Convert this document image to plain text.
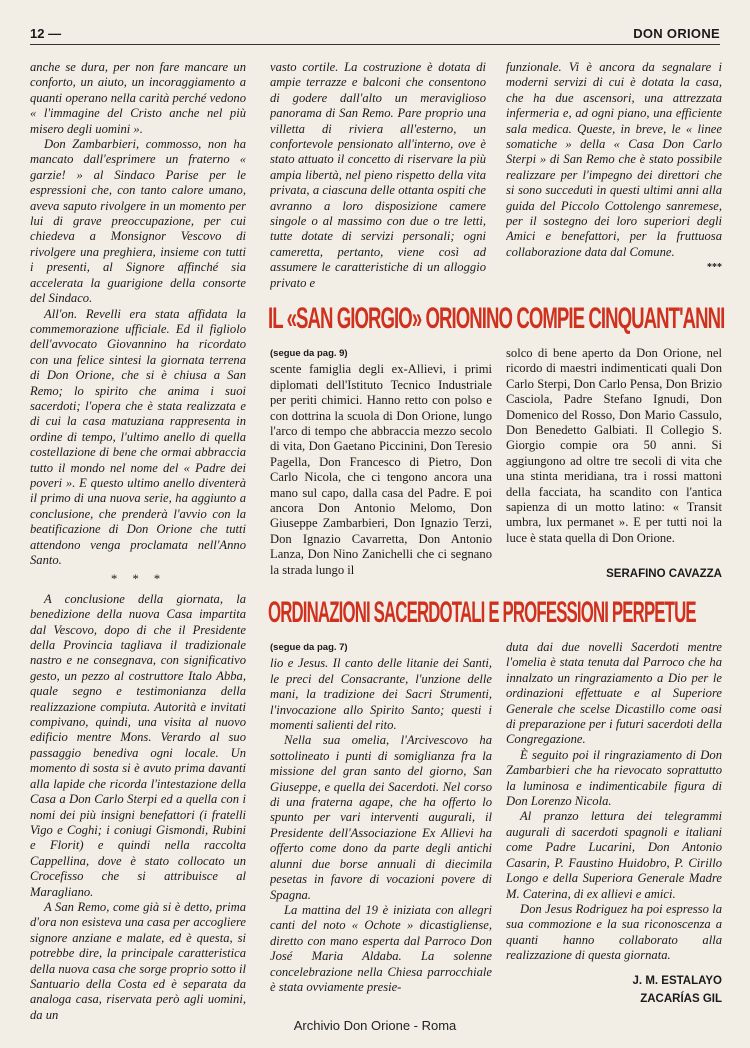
12 —	DON ORIONE

anche se dura, per non fare mancare un conforto, un aiuto, un incoraggiamento a quanti operano nella carità perché vedono « l'immagine del Cristo anche nel più misero degli uomini ».

Don Zambarbieri, commosso, non ha mancato dall'esprimere un fraterno « garzie! » al Sindaco Parise per le espressioni che, con tanto calore umano, aveva saputo rivolgere in un momento per lui di grave preoccupazione, per cui chiedeva a Monsignor Vescovo di rivolgere una preghiera, insieme con tutti i presenti, al Signore affinché sia accelerata la guarigione della consorte del Sindaco.

All'on. Revelli era stata affidata la commemorazione ufficiale. Ed il figliolo dell'avvocato Giovannino ha ricordato con una felice sintesi la giornata terrena di Don Orione, che si è chiusa a San Remo; lo spirito che anima i suoi sacerdoti; l'opera che è stata realizzata e di cui la casa matuziana rappresenta in ordine di tempo, l'ultimo anello di quella costellazione di bene che ormai abbraccia tutto il mondo nel nome del « Padre dei poveri ». E questo ultimo anello diventerà il primo di una nuova serie, ha aggiunto a conclusione, che prenderà l'avvio con la beatificazione di Don Orione che tutti attendono venga proclamata nell'Anno Santo.

* * *

A conclusione della giornata, la benedizione della nuova Casa impartita dal Vescovo, dopo di che il Presidente della Provincia tagliava il tradizionale nastro e ne consegnava, con significativo gesto, un pezzo al costruttore Italo Abba, quale segno e testimonianza della realizzazione compiuta. Autorità e invitati compivano, quindi, una visita al nuovo edificio mentre Mons. Verardo al suo passaggio benediva ogni locale. Un momento di sosta si è avuto prima davanti alla lapide che ricorda l'intestazione della Casa a Don Carlo Sterpi ed a quella con i nomi dei più insigni benefattori (i fratelli Vigo e Coghi; i coniugi Gismondi, Rubini e Florit) e quindi nella raccolta Cappellina, dove è stato collocato un Crocefisso che si attribuisce al Maragliano.

A San Remo, come già si è detto, prima d'ora non esisteva una casa per accogliere signore anziane e malate, ed è questa, si potrebbe dire, la principale caratteristica della nuova casa che sorge proprio sotto il Santuario della Costa ed è separata da analoga casa, riservata però agli uomini, da un

vasto cortile. La costruzione è dotata di ampie terrazze e balconi che consentono di godere dall'alto un meraviglioso panorama di San Remo. Pare proprio una villetta di riviera all'esterno, un confortevole pensionato all'interno, ove è stato attuato il concetto di riservare la più ampia libertà, nel pieno rispetto della vita privata, a ciascuna delle ottanta ospiti che avranno a loro disposizione camere singole o al massimo con due o tre letti, tutte dotate di servizi personali; ogni cameretta, pertanto, viene così ad assumere le caratteristiche di un alloggio privato e

funzionale. Vi è ancora da segnalare i moderni servizi di cui è dotata la casa, che ha due ascensori, una attrezzata infermeria e, ad ogni piano, una efficiente sala medica. Queste, in breve, le « linee somatiche » della « Casa Don Carlo Sterpi » di San Remo che è stato possibile realizzare per l'impegno dei direttori che si sono succeduti in questi ultimi anni alla guida del Piccolo Cottolengo sanremese, per il sostegno dei loro superiori degli Amici e benefattori, per la fruttuosa collaborazione data dal Comune.

***

IL «SAN GIORGIO» ORIONINO COMPIE CINQUANT'ANNI
(segue da pag. 9)

scente famiglia degli ex-Allievi, i primi diplomati dell'Istituto Tecnico Industriale per periti chimici. Hanno retto con polso e con dottrina la scuola di Don Orione, lungo l'arco di tempo che abbraccia mezzo secolo di vita, Don Gaetano Piccinini, Don Teresio Pagella, Don Francesco di Pietro, Don Carlo Nicola, che ci tengono ancora una mano sul capo, dalla casa del Padre. E poi ancora Don Antonio Melomo, Don Giuseppe Zambarbieri, Don Ignazio Terzi, Don Ignazio Cavarretta, Don Antonio Lanza, Don Nino Zanichelli che ci segnano la strada lungo il

solco di bene aperto da Don Orione, nel ricordo di maestri indimenticati quali Don Carlo Sterpi, Don Carlo Pensa, Don Brizio Casciola, Padre Stefano Ignudi, Don Domenico del Rosso, Don Mario Cassulo, Don Benedetto Galbiati. Il Collegio S. Giorgio compie ora 50 anni. Si aggiungono ad oltre tre secoli di vita che una stinta meridiana, tra i rossi mattoni della facciata, ha scandito con l'antica sapienza di un motto latino: « Transit umbra, lux permanet ». E per tutti noi la luce è stata quella di Don Orione.

SERAFINO CAVAZZA
ORDINAZIONI SACERDOTALI E PROFESSIONI PERPETUE
(segue da pag. 7)

lio e Jesus. Il canto delle litanie dei Santi, le preci del Consacrante, l'unzione delle mani, la tradizione dei Sacri Strumenti, l'invocazione allo Spirito Santo; questi i momenti salienti del rito.

Nella sua omelia, l'Arcivescovo ha sottolineato i punti di somiglianza fra la missione del gran santo del giorno, San Giuseppe, e quella dei Sacerdoti. Nel corso di una fraterna agape, che ha offerto lo spunto per vari interventi augurali, il Presidente dell'Associazione Ex Allievi ha offerto come dono da parte degli antichi alunni due borse annuali di diecimila pesetas in favore di vocazioni povere di Spagna.

La mattina del 19 è iniziata con allegri canti del noto « Ochote » dicastigliense, diretto con mano esperta dal Parroco Don José Maria Aldaba. La solenne concelebrazione nella Chiesa parrocchiale è stata ovviamente presie-

duta dai due novelli Sacerdoti mentre l'omelia è stata tenuta dal Parroco che ha innalzato un ringraziamento a Dio per le ordinazioni effettuate e al Superiore Generale che scelse Dicastillo come oasi di preparazione per i futuri sacerdoti della Congregazione.

È seguito poi il ringraziamento di Don Zambarbieri che ha rievocato soprattutto la luminosa e indimenticabile figura di Don Lorenzo Nicola.

Al pranzo lettura dei telegrammi augurali di sacerdoti spagnoli e italiani come Padre Lucarini, Don Antonio Casarin, P. Faustino Huidobro, P. Cirillo Longo e della Superiora Generale Madre M. Caterina, di ex allievi e amici.

Don Jesus Rodriguez ha poi espresso la sua commozione e la sua riconoscenza a quanti hanno collaborato alla realizzazione di questa giornata.

J. M. ESTALAYO
ZACARÍAS GIL
Archivio Don Orione - Roma
